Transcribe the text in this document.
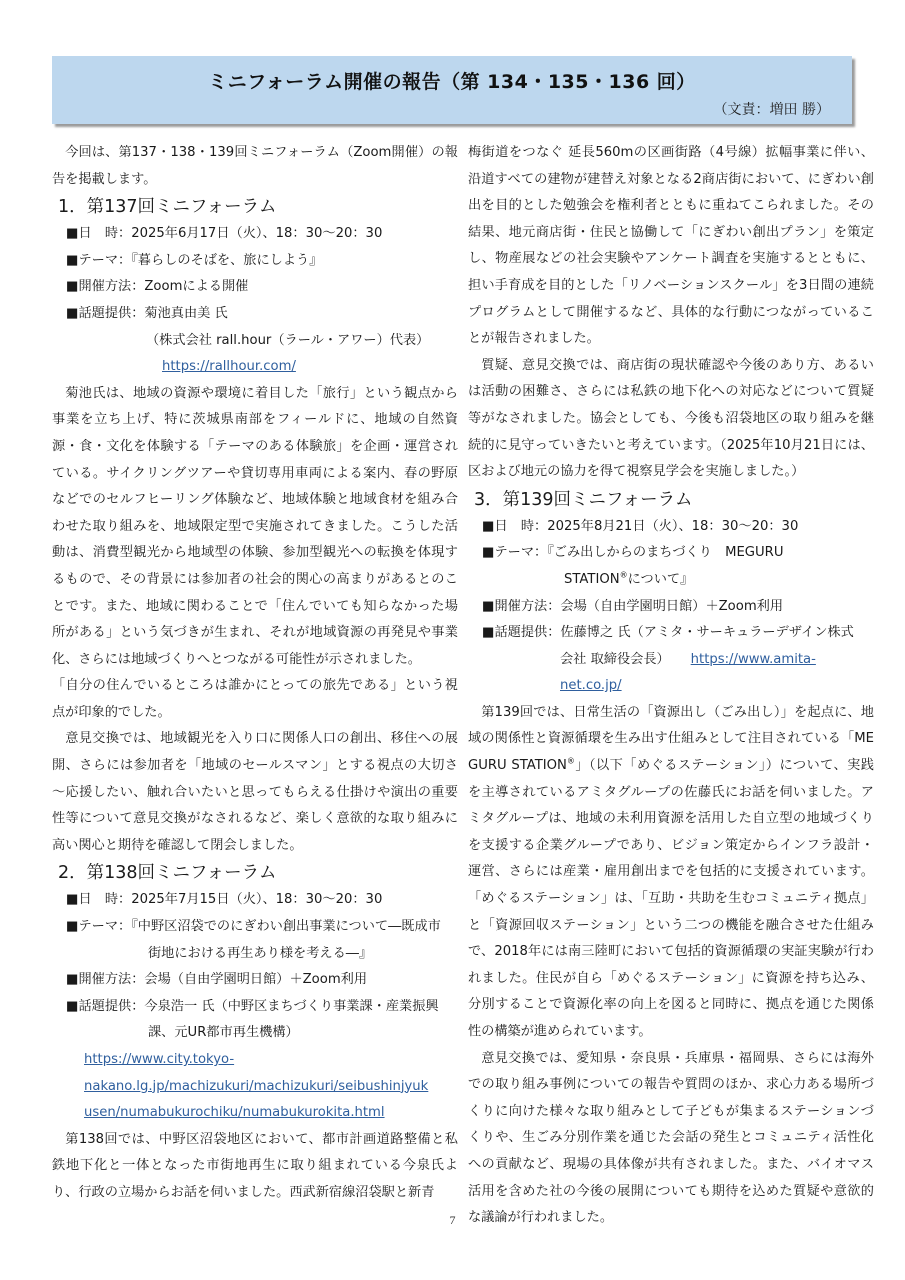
ミニフォーラム開催の報告（第 134・135・136 回）
（文責：増田 勝）

今回は、第137・138・139回ミニフォーラム（Zoom開催）の報告を掲載します。

1．第137回ミニフォーラム

■日　時：2025年6月17日（火）、18：30～20：30

■テーマ：『暮らしのそばを、旅にしよう』

■開催方法：Zoomによる開催

■話題提供：菊池真由美 氏

（株式会社 rall.hour（ラール・アワー）代表）

https://rallhour.com/

菊池氏は、地域の資源や環境に着目した「旅行」という観点から事業を立ち上げ、特に茨城県南部をフィールドに、地域の自然資源・食・文化を体験する「テーマのある体験旅」を企画・運営されている。サイクリングツアーや貸切専用車両による案内、春の野原などでのセルフヒーリング体験など、地域体験と地域食材を組み合わせた取り組みを、地域限定型で実施されてきました。こうした活動は、消費型観光から地域型の体験、参加型観光への転換を体現するもので、その背景には参加者の社会的関心の高まりがあるとのことです。また、地域に関わることで「住んでいても知らなかった場所がある」という気づきが生まれ、それが地域資源の再発見や事業化、さらには地域づくりへとつながる可能性が示されました。

「自分の住んでいるところは誰かにとっての旅先である」という視点が印象的でした。

意見交換では、地域観光を入り口に関係人口の創出、移住への展開、さらには参加者を「地域のセールスマン」とする視点の大切さ～応援したい、触れ合いたいと思ってもらえる仕掛けや演出の重要性等について意見交換がなされるなど、楽しく意欲的な取り組みに高い関心と期待を確認して閉会しました。

2．第138回ミニフォーラム

■日　時：2025年7月15日（火）、18：30～20：30

■テーマ：『中野区沼袋でのにぎわい創出事業について―既成市

街地における再生あり様を考える―』

■開催方法：会場（自由学園明日館）＋Zoom利用

■話題提供：今泉浩一 氏（中野区まちづくり事業課・産業振興

課、元UR都市再生機構）

https://www.city.tokyo-

nakano.lg.jp/machizukuri/machizukuri/seibushinjyuk

usen/numabukurochiku/numabukurokita.html

第138回では、中野区沼袋地区において、都市計画道路整備と私鉄地下化と一体となった市街地再生に取り組まれている今泉氏より、行政の立場からお話を伺いました。西武新宿線沼袋駅と新青

梅街道をつなぐ 延長560mの区画街路（4号線）拡幅事業に伴い、沿道すべての建物が建替え対象となる2商店街において、にぎわい創出を目的とした勉強会を権利者とともに重ねてこられました。その結果、地元商店街・住民と協働して「にぎわい創出プラン」を策定し、物産展などの社会実験やアンケート調査を実施するとともに、担い手育成を目的とした「リノベーションスクール」を3日間の連続プログラムとして開催するなど、具体的な行動につながっていることが報告されました。

質疑、意見交換では、商店街の現状確認や今後のあり方、あるいは活動の困難さ、さらには私鉄の地下化への対応などについて質疑等がなされました。協会としても、今後も沼袋地区の取り組みを継続的に見守っていきたいと考えています。（2025年10月21日には、区および地元の協力を得て視察見学会を実施しました。）

3．第139回ミニフォーラム

■日　時：2025年8月21日（火）、18：30～20：30

■テーマ：『ごみ出しからのまちづくり　MEGURU

STATION®について』

■開催方法：会場（自由学園明日館）＋Zoom利用

■話題提供：佐藤博之 氏（アミタ・サーキュラーデザイン株式

会社 取締役会長） https://www.amita-net.co.jp/

第139回では、日常生活の「資源出し（ごみ出し）」を起点に、地域の関係性と資源循環を生み出す仕組みとして注目されている「MEGURU STATION®」（以下「めぐるステーション」）について、実践を主導されているアミタグループの佐藤氏にお話を伺いました。アミタグループは、地域の未利用資源を活用した自立型の地域づくりを支援する企業グループであり、ビジョン策定からインフラ設計・運営、さらには産業・雇用創出までを包括的に支援されています。「めぐるステーション」は、「互助・共助を生むコミュニティ拠点」と「資源回収ステーション」という二つの機能を融合させた仕組みで、2018年には南三陸町において包括的資源循環の実証実験が行われました。住民が自ら「めぐるステーション」に資源を持ち込み、分別することで資源化率の向上を図ると同時に、拠点を通じた関係性の構築が進められています。

意見交換では、愛知県・奈良県・兵庫県・福岡県、さらには海外での取り組み事例についての報告や質問のほか、求心力ある場所づくりに向けた様々な取り組みとして子どもが集まるステーションづくりや、生ごみ分別作業を通じた会話の発生とコミュニティ活性化への貢献など、現場の具体像が共有されました。また、バイオマス活用を含めた社の今後の展開についても期待を込めた質疑や意欲的な議論が行われました。

7
